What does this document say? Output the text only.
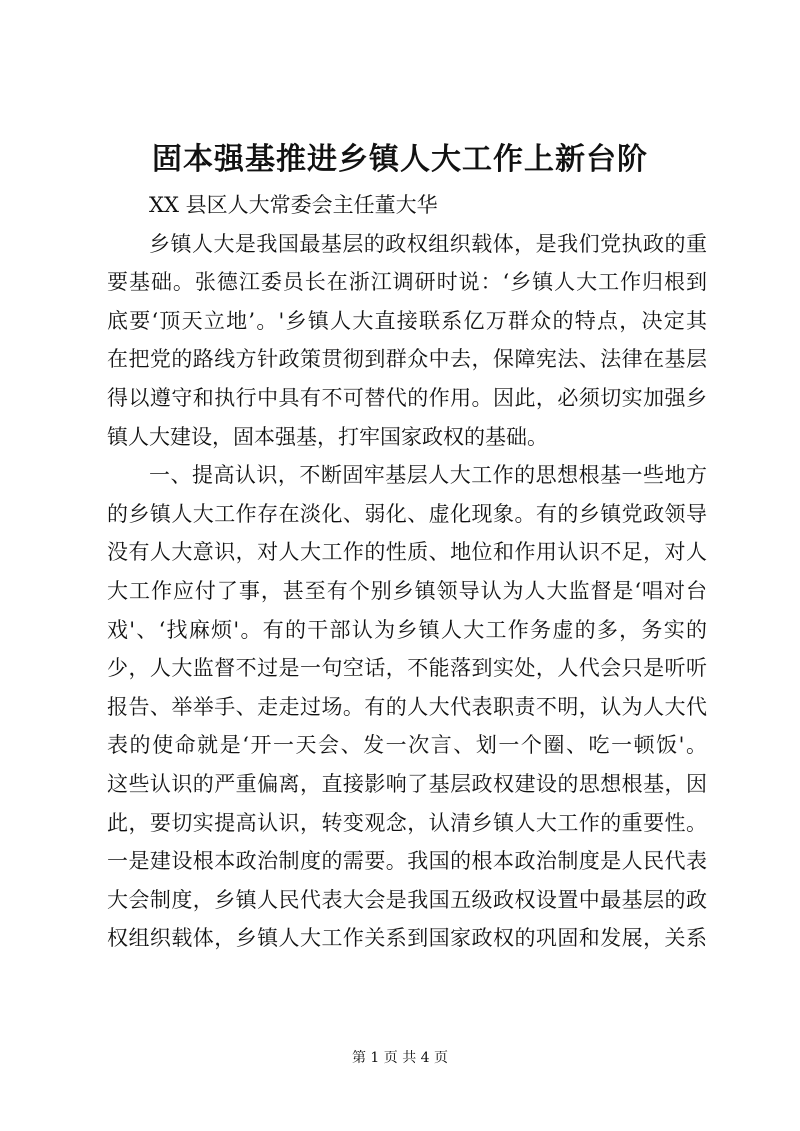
固本强基推进乡镇人大工作上新台阶
XX 县区人大常委会主任董大华
乡镇人大是我国最基层的政权组织载体，是我们党执政的重
要基础。张德江委员长在浙江调研时说：‘乡镇人大工作归根到
底要‘顶天立地’。'乡镇人大直接联系亿万群众的特点，决定其
在把党的路线方针政策贯彻到群众中去，保障宪法、法律在基层
得以遵守和执行中具有不可替代的作用。因此，必须切实加强乡
镇人大建设，固本强基，打牢国家政权的基础。
一、提高认识，不断固牢基层人大工作的思想根基一些地方
的乡镇人大工作存在淡化、弱化、虚化现象。有的乡镇党政领导
没有人大意识，对人大工作的性质、地位和作用认识不足，对人
大工作应付了事，甚至有个别乡镇领导认为人大监督是‘唱对台
戏'、‘找麻烦'。有的干部认为乡镇人大工作务虚的多，务实的
少，人大监督不过是一句空话，不能落到实处，人代会只是听听
报告、举举手、走走过场。有的人大代表职责不明，认为人大代
表的使命就是‘开一天会、发一次言、划一个圈、吃一顿饭'。
这些认识的严重偏离，直接影响了基层政权建设的思想根基，因
此，要切实提高认识，转变观念，认清乡镇人大工作的重要性。
一是建设根本政治制度的需要。我国的根本政治制度是人民代表
大会制度，乡镇人民代表大会是我国五级政权设置中最基层的政
权组织载体，乡镇人大工作关系到国家政权的巩固和发展，关系
第 1 页 共 4 页
